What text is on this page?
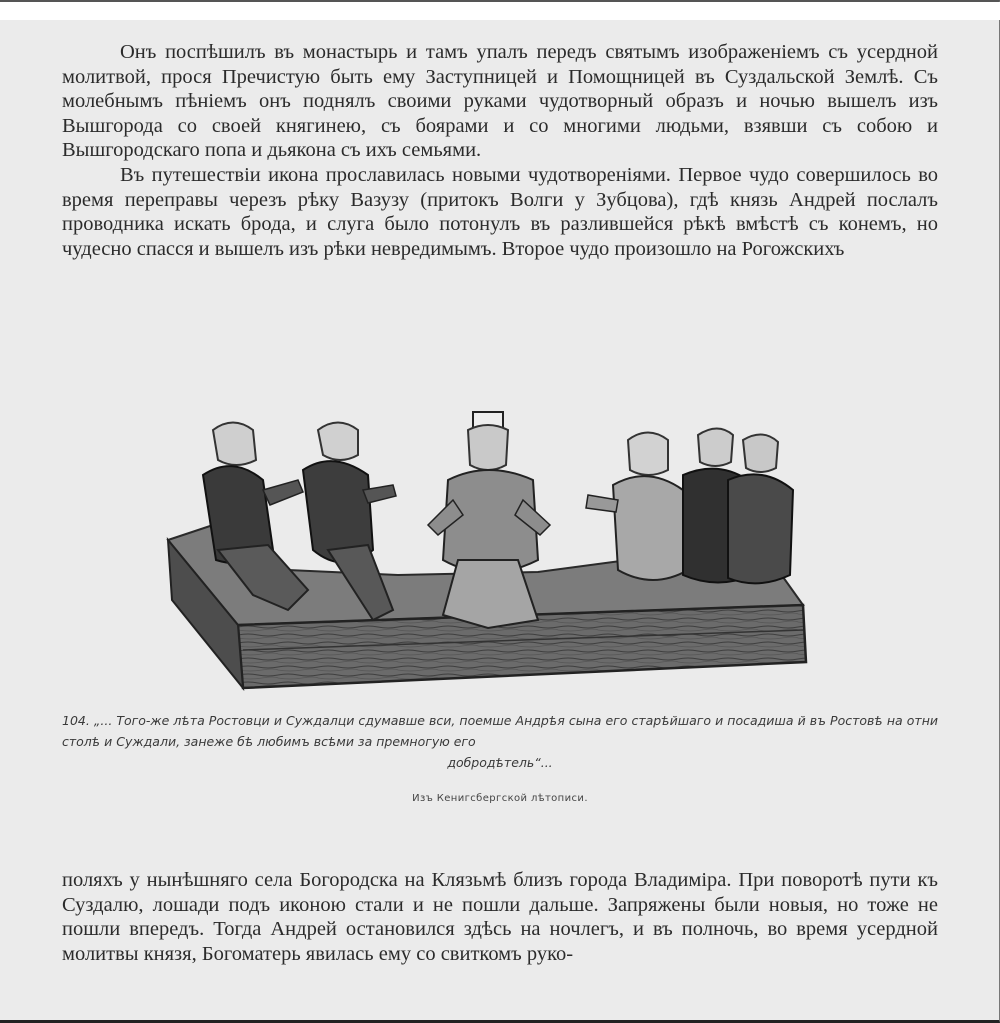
Онъ поспѣшилъ въ монастырь и тамъ упалъ передъ святымъ изображеніемъ съ усердной молитвой, прося Пречистую быть ему Заступницей и Помощницей въ Суздальской Землѣ. Съ молебнымъ пѣніемъ онъ поднялъ своими руками чудотворный образъ и ночью вышелъ изъ Вышгорода со своей княгинею, съ боярами и со многими людьми, взявши съ собою и Вышгородскаго попа и дьякона съ ихъ семьями.

Въ путешествіи икона прославилась новыми чудотвореніями. Первое чудо совершилось во время переправы черезъ рѣку Вазузу (притокъ Волги у Зубцова), гдѣ князь Андрей послалъ проводника искать брода, и слуга было потонулъ въ разлившейся рѣкѣ вмѣстѣ съ конемъ, но чудесно спасся и вышелъ изъ рѣки невредимымъ. Второе чудо произошло на Рогожскихъ

104. „... Того-же лѣта Ростовци и Суждалци сдумавше вси, поемше Андрѣя сына его старѣйшаго и посадиша й въ Ростовѣ на отни столѣ и Суждали, занеже бѣ любимъ всѣми за премногую его
добродѣтель“...
Изъ Кенигсбергской лѣтописи.

поляхъ у нынѣшняго села Богородска на Клязьмѣ близъ города Владиміра. При поворотѣ пути къ Суздалю, лошади подъ иконою стали и не пошли дальше. Запряжены были новыя, но тоже не пошли впередъ. Тогда Андрей остановился здѣсь на ночлегъ, и въ полночь, во время усердной молитвы князя, Богоматерь явилась ему со свиткомъ руко-
